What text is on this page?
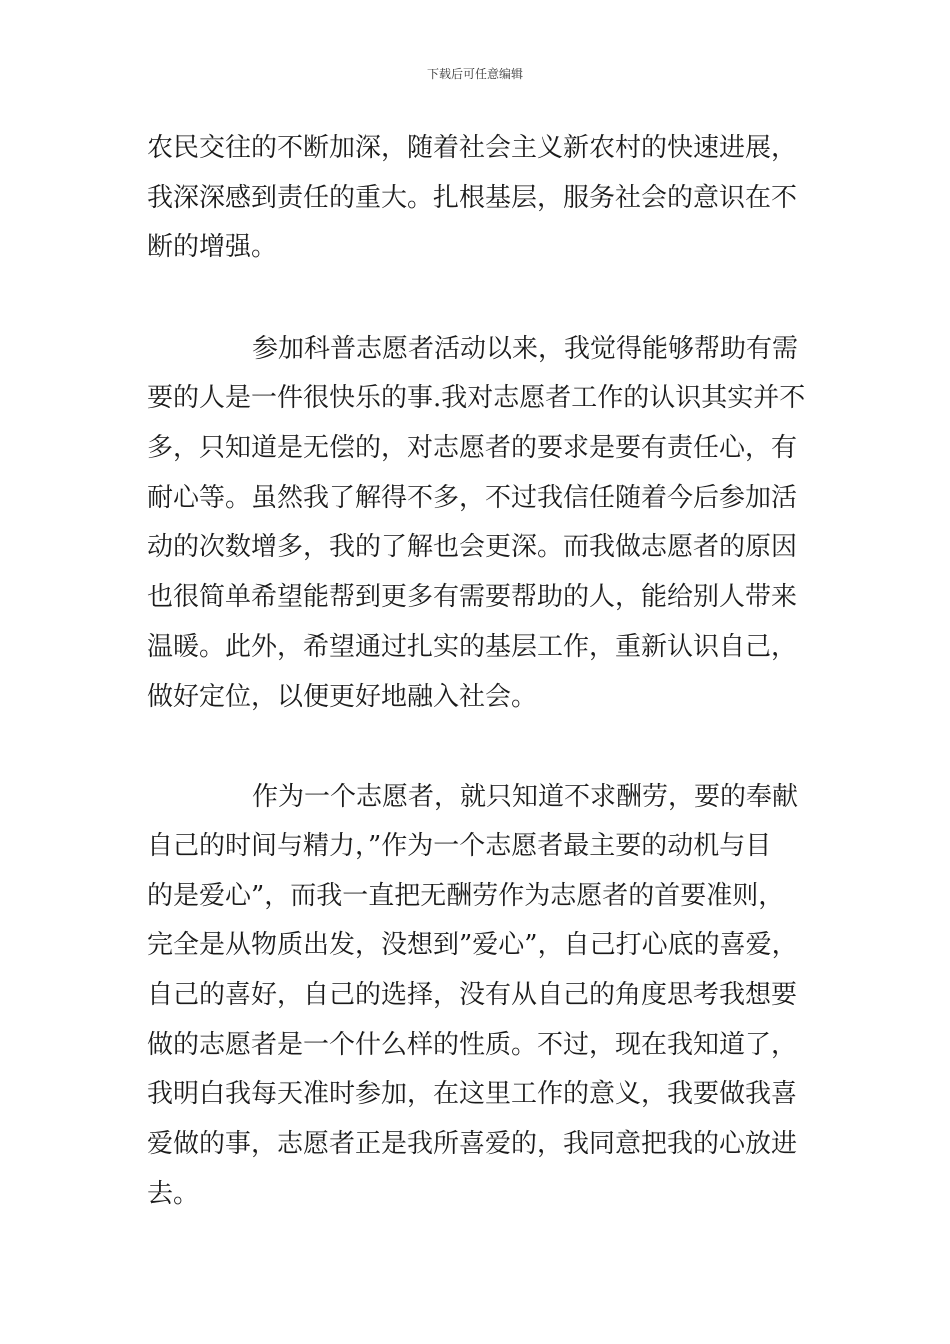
下载后可任意编辑

农民交往的不断加深，随着社会主义新农村的快速进展，

我深深感到责任的重大。扎根基层，服务社会的意识在不

断的增强。

参加科普志愿者活动以来，我觉得能够帮助有需

要的人是一件很快乐的事.我对志愿者工作的认识其实并不

多，只知道是无偿的，对志愿者的要求是要有责任心，有

耐心等。虽然我了解得不多，不过我信任随着今后参加活

动的次数增多，我的了解也会更深。而我做志愿者的原因

也很简单希望能帮到更多有需要帮助的人，能给别人带来

温暖。此外，希望通过扎实的基层工作，重新认识自己，

做好定位，以便更好地融入社会。

作为一个志愿者，就只知道不求酬劳，要的奉献

自己的时间与精力，”作为一个志愿者最主要的动机与目

的是爱心”，而我一直把无酬劳作为志愿者的首要准则，

完全是从物质出发，没想到”爱心”，自己打心底的喜爱，

自己的喜好，自己的选择，没有从自己的角度思考我想要

做的志愿者是一个什么样的性质。不过，现在我知道了，

我明白我每天准时参加，在这里工作的意义，我要做我喜

爱做的事，志愿者正是我所喜爱的，我同意把我的心放进

去。
